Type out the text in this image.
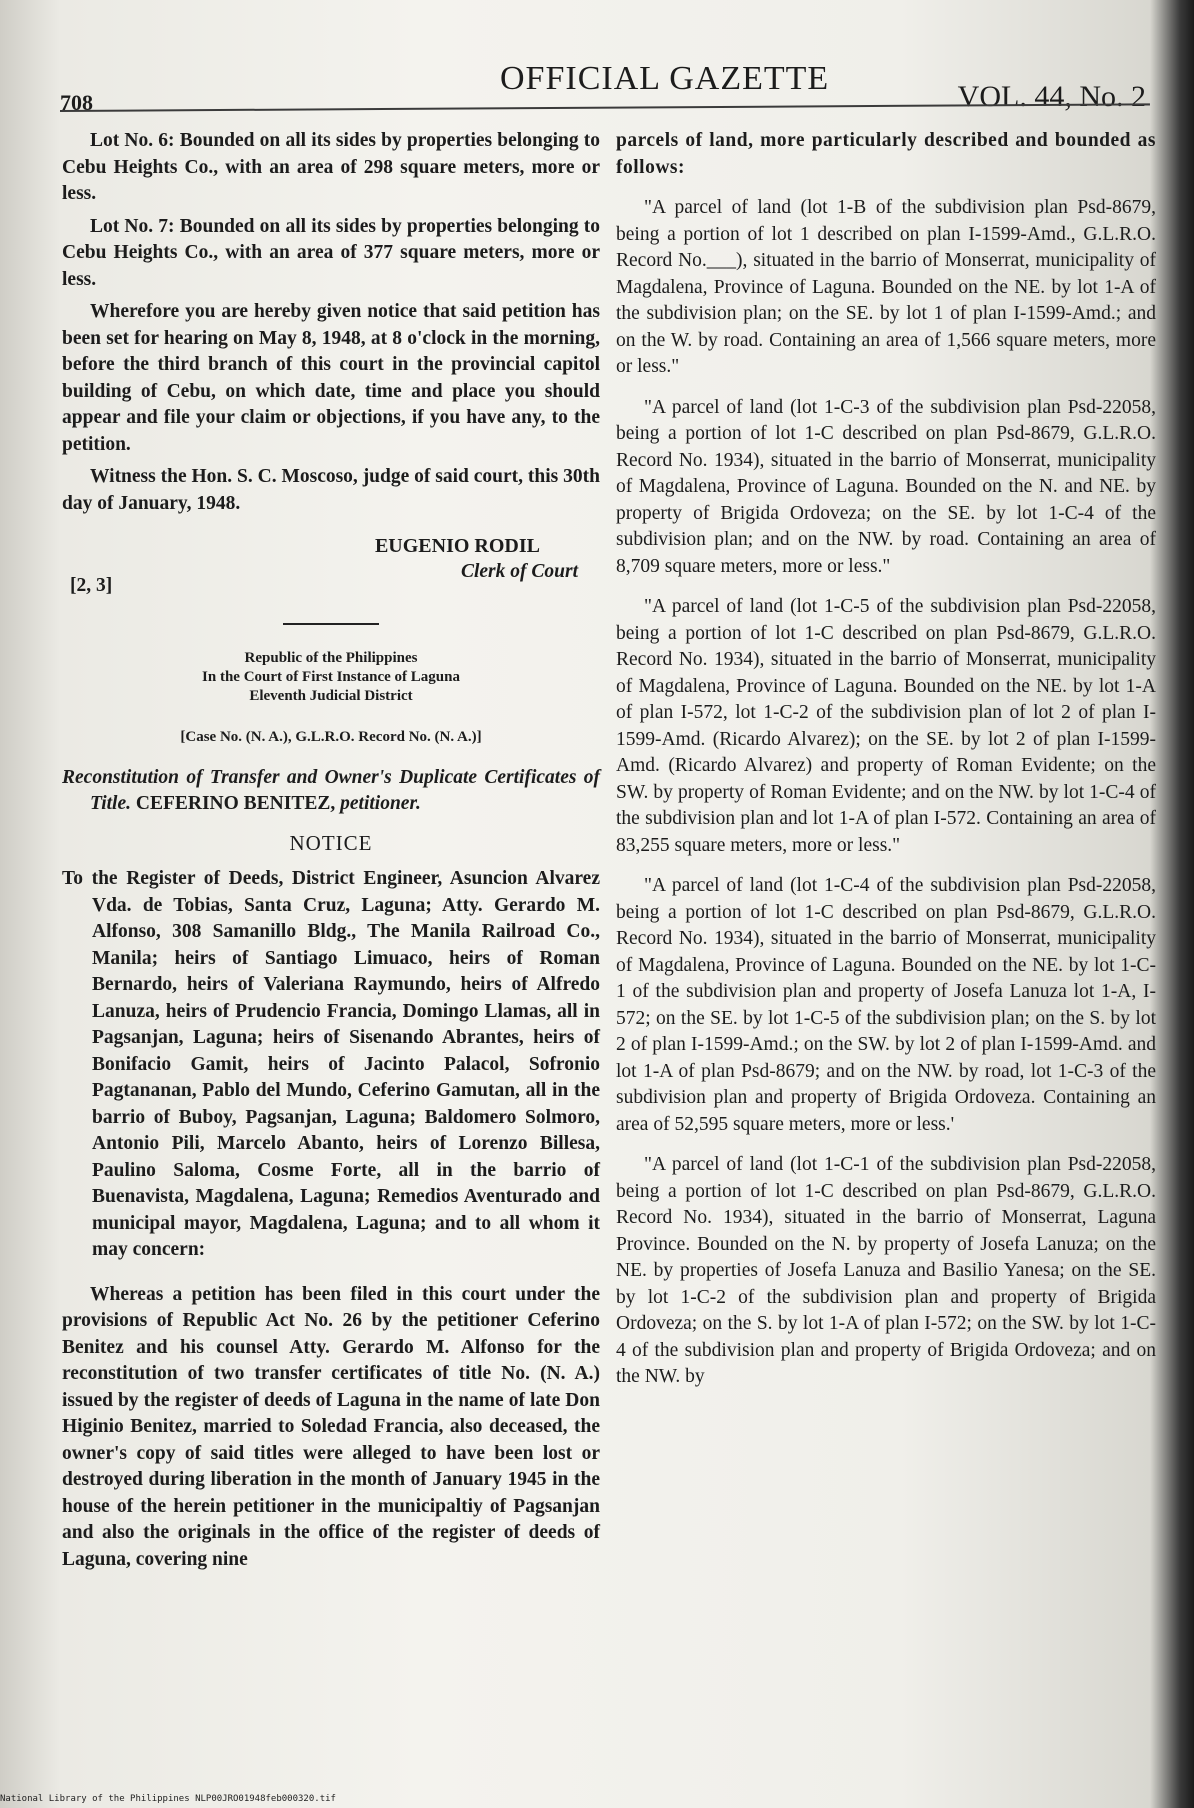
708
OFFICIAL GAZETTE	VOL. 44, No. 2

Lot No. 6: Bounded on all its sides by properties belonging to Cebu Heights Co., with an area of 298 square meters, more or less.

Lot No. 7: Bounded on all its sides by properties belonging to Cebu Heights Co., with an area of 377 square meters, more or less.

Wherefore you are hereby given notice that said petition has been set for hearing on May 8, 1948, at 8 o'clock in the morning, before the third branch of this court in the provincial capitol building of Cebu, on which date, time and place you should appear and file your claim or objections, if you have any, to the petition.

Witness the Hon. S. C. Moscoso, judge of said court, this 30th day of January, 1948.

EUGENIO RODIL
Clerk of Court
[2, 3]

Republic of the Philippines

In the Court of First Instance of Laguna

Eleventh Judicial District

[Case No. (N. A.), G.L.R.O. Record No. (N. A.)]

Reconstitution of Transfer and Owner's Duplicate Certificates of Title. CEFERINO BENITEZ, petitioner.

NOTICE

To the Register of Deeds, District Engineer, Asuncion Alvarez Vda. de Tobias, Santa Cruz, Laguna; Atty. Gerardo M. Alfonso, 308 Samanillo Bldg., The Manila Railroad Co., Manila; heirs of Santiago Limuaco, heirs of Roman Bernardo, heirs of Valeriana Raymundo, heirs of Alfredo Lanuza, heirs of Prudencio Francia, Domingo Llamas, all in Pagsanjan, Laguna; heirs of Sisenando Abrantes, heirs of Bonifacio Gamit, heirs of Jacinto Palacol, Sofronio Pagtananan, Pablo del Mundo, Ceferino Gamutan, all in the barrio of Buboy, Pagsanjan, Laguna; Baldomero Solmoro, Antonio Pili, Marcelo Abanto, heirs of Lorenzo Billesa, Paulino Saloma, Cosme Forte, all in the barrio of Buenavista, Magdalena, Laguna; Remedios Aventurado and municipal mayor, Magdalena, Laguna; and to all whom it may concern:

Whereas a petition has been filed in this court under the provisions of Republic Act No. 26 by the petitioner Ceferino Benitez and his counsel Atty. Gerardo M. Alfonso for the reconstitution of two transfer certificates of title No. (N. A.) issued by the register of deeds of Laguna in the name of late Don Higinio Benitez, married to Soledad Francia, also deceased, the owner's copy of said titles were alleged to have been lost or destroyed during liberation in the month of January 1945 in the house of the herein petitioner in the municipaltiy of Pagsanjan and also the originals in the office of the register of deeds of Laguna, covering nine

parcels of land, more particularly described and bounded as follows:

"A parcel of land (lot 1-B of the subdivision plan Psd-8679, being a portion of lot 1 described on plan I-1599-Amd., G.L.R.O. Record No.___), situated in the barrio of Monserrat, municipality of Magdalena, Province of Laguna. Bounded on the NE. by lot 1-A of the subdivision plan; on the SE. by lot 1 of plan I-1599-Amd.; and on the W. by road. Containing an area of 1,566 square meters, more or less."

"A parcel of land (lot 1-C-3 of the subdivision plan Psd-22058, being a portion of lot 1-C described on plan Psd-8679, G.L.R.O. Record No. 1934), situated in the barrio of Monserrat, municipality of Magdalena, Province of Laguna. Bounded on the N. and NE. by property of Brigida Ordoveza; on the SE. by lot 1-C-4 of the subdivision plan; and on the NW. by road. Containing an area of 8,709 square meters, more or less."

"A parcel of land (lot 1-C-5 of the subdivision plan Psd-22058, being a portion of lot 1-C described on plan Psd-8679, G.L.R.O. Record No. 1934), situated in the barrio of Monserrat, municipality of Magdalena, Province of Laguna. Bounded on the NE. by lot 1-A of plan I-572, lot 1-C-2 of the subdivision plan of lot 2 of plan I-1599-Amd. (Ricardo Alvarez); on the SE. by lot 2 of plan I-1599-Amd. (Ricardo Alvarez) and property of Roman Evidente; on the SW. by property of Roman Evidente; and on the NW. by lot 1-C-4 of the subdivision plan and lot 1-A of plan I-572. Containing an area of 83,255 square meters, more or less."

"A parcel of land (lot 1-C-4 of the subdivision plan Psd-22058, being a portion of lot 1-C described on plan Psd-8679, G.L.R.O. Record No. 1934), situated in the barrio of Monserrat, municipality of Magdalena, Province of Laguna. Bounded on the NE. by lot 1-C-1 of the subdivision plan and property of Josefa Lanuza lot 1-A, I-572; on the SE. by lot 1-C-5 of the subdivision plan; on the S. by lot 2 of plan I-1599-Amd.; on the SW. by lot 2 of plan I-1599-Amd. and lot 1-A of plan Psd-8679; and on the NW. by road, lot 1-C-3 of the subdivision plan and property of Brigida Ordoveza. Containing an area of 52,595 square meters, more or less.'

"A parcel of land (lot 1-C-1 of the subdivision plan Psd-22058, being a portion of lot 1-C described on plan Psd-8679, G.L.R.O. Record No. 1934), situated in the barrio of Monserrat, Laguna Province. Bounded on the N. by property of Josefa Lanuza; on the NE. by properties of Josefa Lanuza and Basilio Yanesa; on the SE. by lot 1-C-2 of the subdivision plan and property of Brigida Ordoveza; on the S. by lot 1-A of plan I-572; on the SW. by lot 1-C-4 of the subdivision plan and property of Brigida Ordoveza; and on the NW. by

National Library of the Philippines NLP00JRO01948feb000320.tif
